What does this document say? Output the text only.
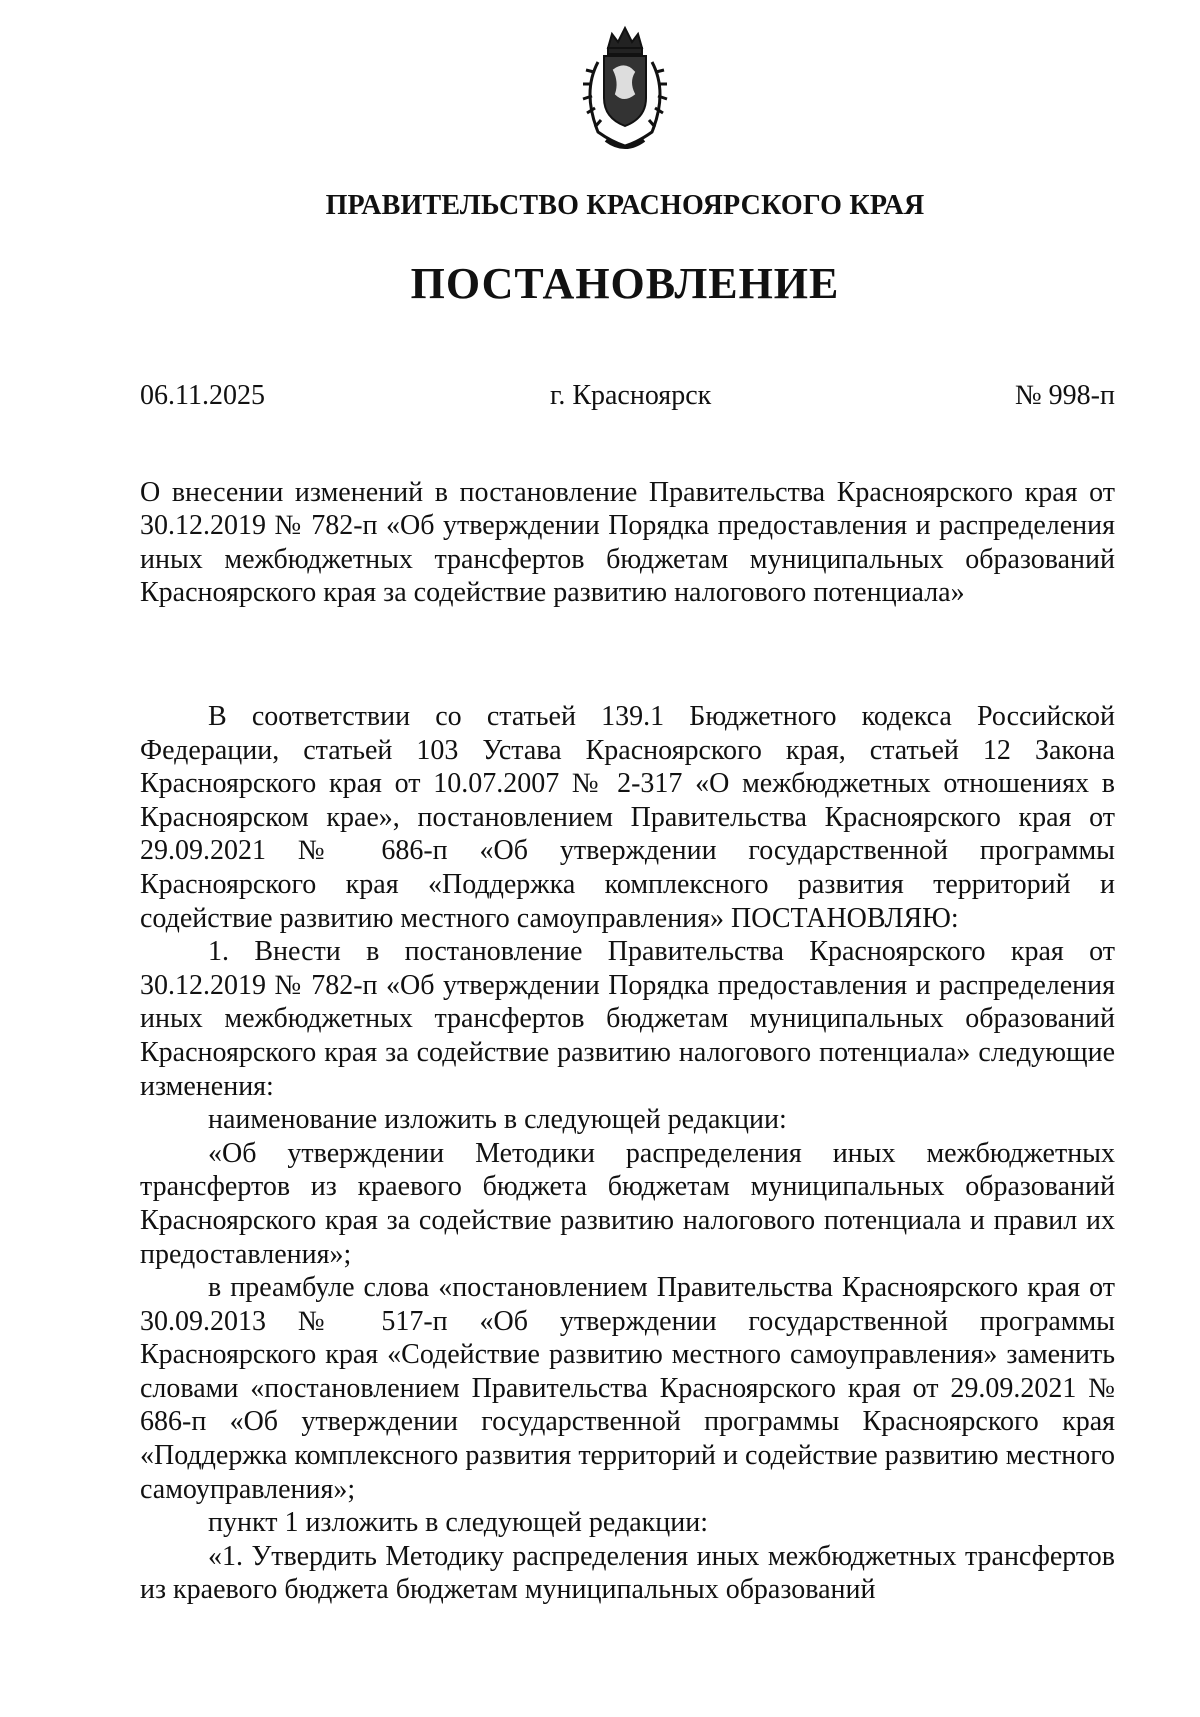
ПРАВИТЕЛЬСТВО КРАСНОЯРСКОГО КРАЯ
ПОСТАНОВЛЕНИЕ
06.11.2025	г. Красноярск	№ 998-п
О внесении изменений в постановление Правительства Красноярского края от 30.12.2019 № 782-п «Об утверждении Порядка предоставления и распределения иных межбюджетных трансфертов бюджетам муниципальных образований Красноярского края за содействие развитию налогового потенциала»

В соответствии со статьей 139.1 Бюджетного кодекса Российской Федерации, статьей 103 Устава Красноярского края, статьей 12 Закона Красноярского края от 10.07.2007 № 2-317 «О межбюджетных отношениях в Красноярском крае», постановлением Правительства Красноярского края от 29.09.2021 № 686-п «Об утверждении государственной программы Красноярского края «Поддержка комплексного развития территорий и содействие развитию местного самоуправления» ПОСТАНОВЛЯЮ:

1. Внести в постановление Правительства Красноярского края от 30.12.2019 № 782-п «Об утверждении Порядка предоставления и распределения иных межбюджетных трансфертов бюджетам муниципальных образований Красноярского края за содействие развитию налогового потенциала» следующие изменения:

наименование изложить в следующей редакции:

«Об утверждении Методики распределения иных межбюджетных трансфертов из краевого бюджета бюджетам муниципальных образований Красноярского края за содействие развитию налогового потенциала и правил их предоставления»;

в преамбуле слова «постановлением Правительства Красноярского края от 30.09.2013 № 517-п «Об утверждении государственной программы Красноярского края «Содействие развитию местного самоуправления» заменить словами «постановлением Правительства Красноярского края от 29.09.2021 № 686-п «Об утверждении государственной программы Красноярского края «Поддержка комплексного развития территорий и содействие развитию местного самоуправления»;

пункт 1 изложить в следующей редакции:

«1. Утвердить Методику распределения иных межбюджетных трансфертов из краевого бюджета бюджетам муниципальных образований
